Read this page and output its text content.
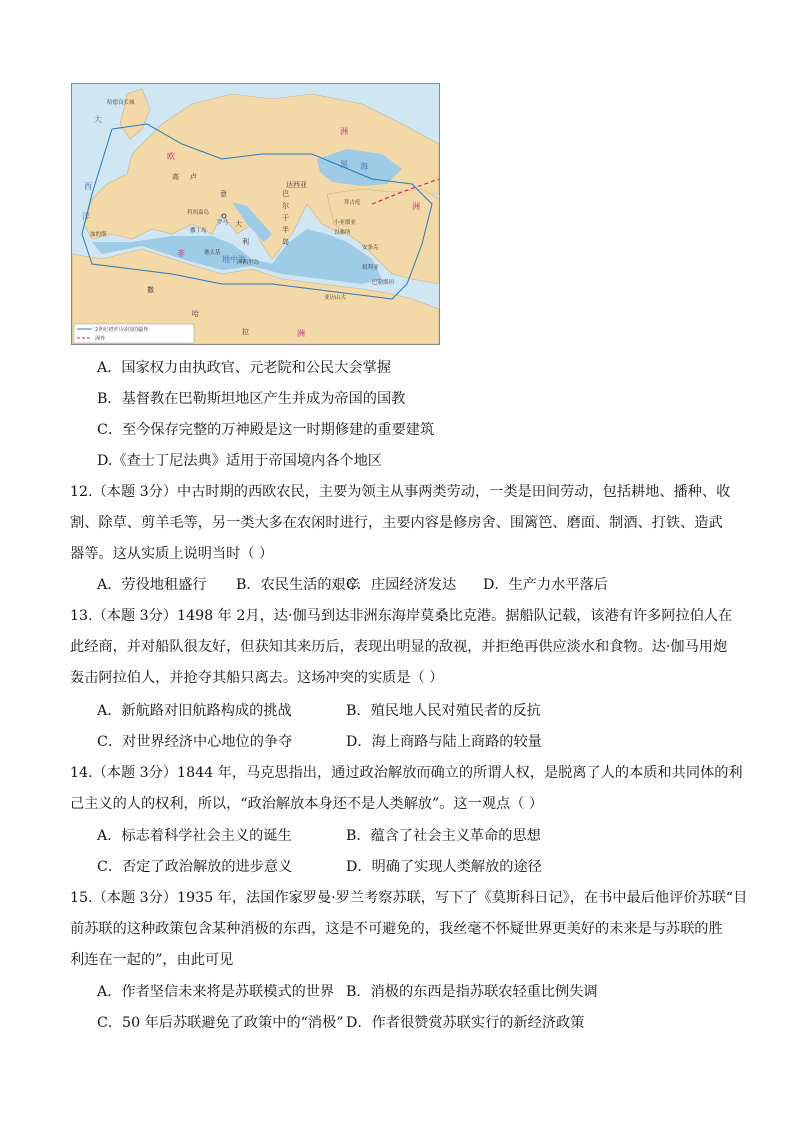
2世纪初罗马帝国的疆界
洲界
大
西
洋
黑 海
地中海
欧
洲
洲
非
洲
高 卢
达西亚
意
大
利
巴
尔
干
半
岛
哈德良长城
罗马
科西嘉岛
撒丁岛
迦太基
西西里岛
拜占庭
小亚细亚
以弗所
安条克
叙利亚
巴勒斯坦
亚历山大
加的斯
撒
哈
拉
A．国家权力由执政官、元老院和公民大会掌握
B．基督教在巴勒斯坦地区产生并成为帝国的国教
C．至今保存完整的万神殿是这一时期修建的重要建筑
D.《查士丁尼法典》适用于帝国境内各个地区
12.（本题 3分）中古时期的西欧农民，主要为领主从事两类劳动，一类是田间劳动，包括耕地、播种、收
割、除草、剪羊毛等，另一类大多在农闲时进行，主要内容是修房舍、围篱笆、磨面、制酒、打铁、造武
器等。这从实质上说明当时（ ）
A．劳役地租盛行 B．农民生活的艰辛
C．庄园经济发达 D．生产力水平落后
13.（本题 3分）1498 年 2月，达·伽马到达非洲东海岸莫桑比克港。据船队记载，该港有许多阿拉伯人在
此经商，并对船队很友好，但获知其来历后，表现出明显的敌视，并拒绝再供应淡水和食物。达·伽马用炮
轰击阿拉伯人，并抢夺其船只离去。这场冲突的实质是（ ）
A．新航路对旧航路构成的挑战	B．殖民地人民对殖民者的反抗
C．对世界经济中心地位的争夺	D．海上商路与陆上商路的较量
14.（本题 3分）1844 年，马克思指出，通过政治解放而确立的所谓人权，是脱离了人的本质和共同体的利
己主义的人的权利，所以，“政治解放本身还不是人类解放”。这一观点（ ）
A．标志着科学社会主义的诞生	B．蕴含了社会主义革命的思想
C．否定了政治解放的进步意义	D．明确了实现人类解放的途径
15.（本题 3分）1935 年，法国作家罗曼·罗兰考察苏联，写下了《莫斯科日记》，在书中最后他评价苏联“目
前苏联的这种政策包含某种消极的东西，这是不可避免的，我丝毫不怀疑世界更美好的未来是与苏联的胜
利连在一起的”，由此可见
A．作者坚信未来将是苏联模式的世界 B．消极的东西是指苏联农轻重比例失调
C．50 年后苏联避免了政策中的“消极” D．作者很赞赏苏联实行的新经济政策
